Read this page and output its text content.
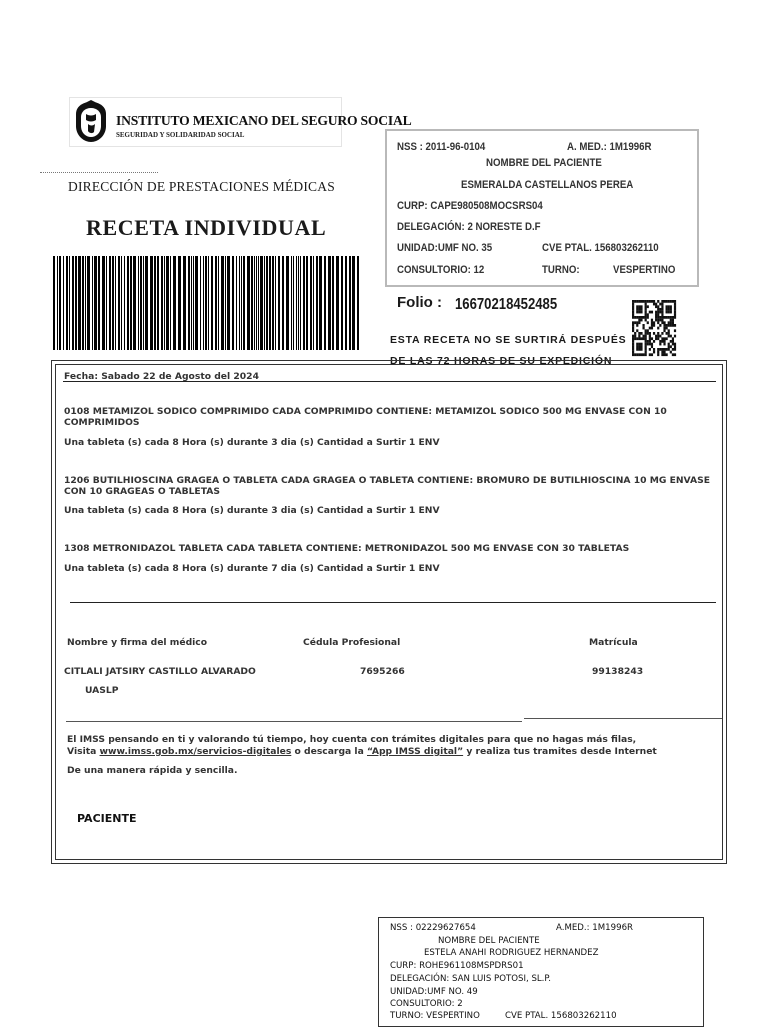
INSTITUTO MEXICANO DEL SEGURO SOCIAL
SEGURIDAD Y SOLIDARIDAD SOCIAL
DIRECCIÓN DE PRESTACIONES MÉDICAS
RECETA INDIVIDUAL
NSS : 2011-96-0104	A. MED.: 1M1996R
NOMBRE DEL PACIENTE
ESMERALDA CASTELLANOS PEREA
CURP: CAPE980508MOCSRS04
DELEGACIÓN: 2 NORESTE D.F
UNIDAD:UMF NO. 35	CVE PTAL. 156803262110
CONSULTORIO: 12	TURNO:	VESPERTINO
Folio : 16670218452485
ESTA RECETA NO SE SURTIRÁ DESPUÉS DE LAS 72 HORAS DE SU EXPEDICIÓN
Fecha: Sabado 22 de Agosto del 2024
0108 METAMIZOL SODICO COMPRIMIDO CADA COMPRIMIDO CONTIENE: METAMIZOL SODICO 500 MG ENVASE CON 10 COMPRIMIDOS
Una tableta (s) cada 8 Hora (s) durante 3 dia (s) Cantidad a Surtir 1 ENV
1206 BUTILHIOSCINA GRAGEA O TABLETA CADA GRAGEA O TABLETA CONTIENE: BROMURO DE BUTILHIOSCINA 10 MG ENVASE CON 10 GRAGEAS O TABLETAS
Una tableta (s) cada 8 Hora (s) durante 3 dia (s) Cantidad a Surtir 1 ENV
1308 METRONIDAZOL TABLETA CADA TABLETA CONTIENE: METRONIDAZOL 500 MG ENVASE CON 30 TABLETAS
Una tableta (s) cada 8 Hora (s) durante 7 dia (s) Cantidad a Surtir 1 ENV
Nombre y firma del médico	Cédula Profesional	Matrícula
CITLALI JATSIRY CASTILLO ALVARADO	7695266	99138243
UASLP
El IMSS pensando en ti y valorando tú tiempo, hoy cuenta con trámites digitales para que no hagas más filas,
Visita www.imss.gob.mx/servicios-digitales o descarga la “App IMSS digital” y realiza tus tramites desde Internet
De una manera rápida y sencilla.
PACIENTE
NSS : 02229627654	A.MED.: 1M1996R
NOMBRE DEL PACIENTE
ESTELA ANAHI RODRIGUEZ HERNANDEZ
CURP: ROHE961108MSPDRS01
DELEGACIÓN: SAN LUIS POTOSI, SL.P.
UNIDAD:UMF NO. 49
CONSULTORIO: 2
TURNO: VESPERTINO	CVE PTAL. 156803262110
